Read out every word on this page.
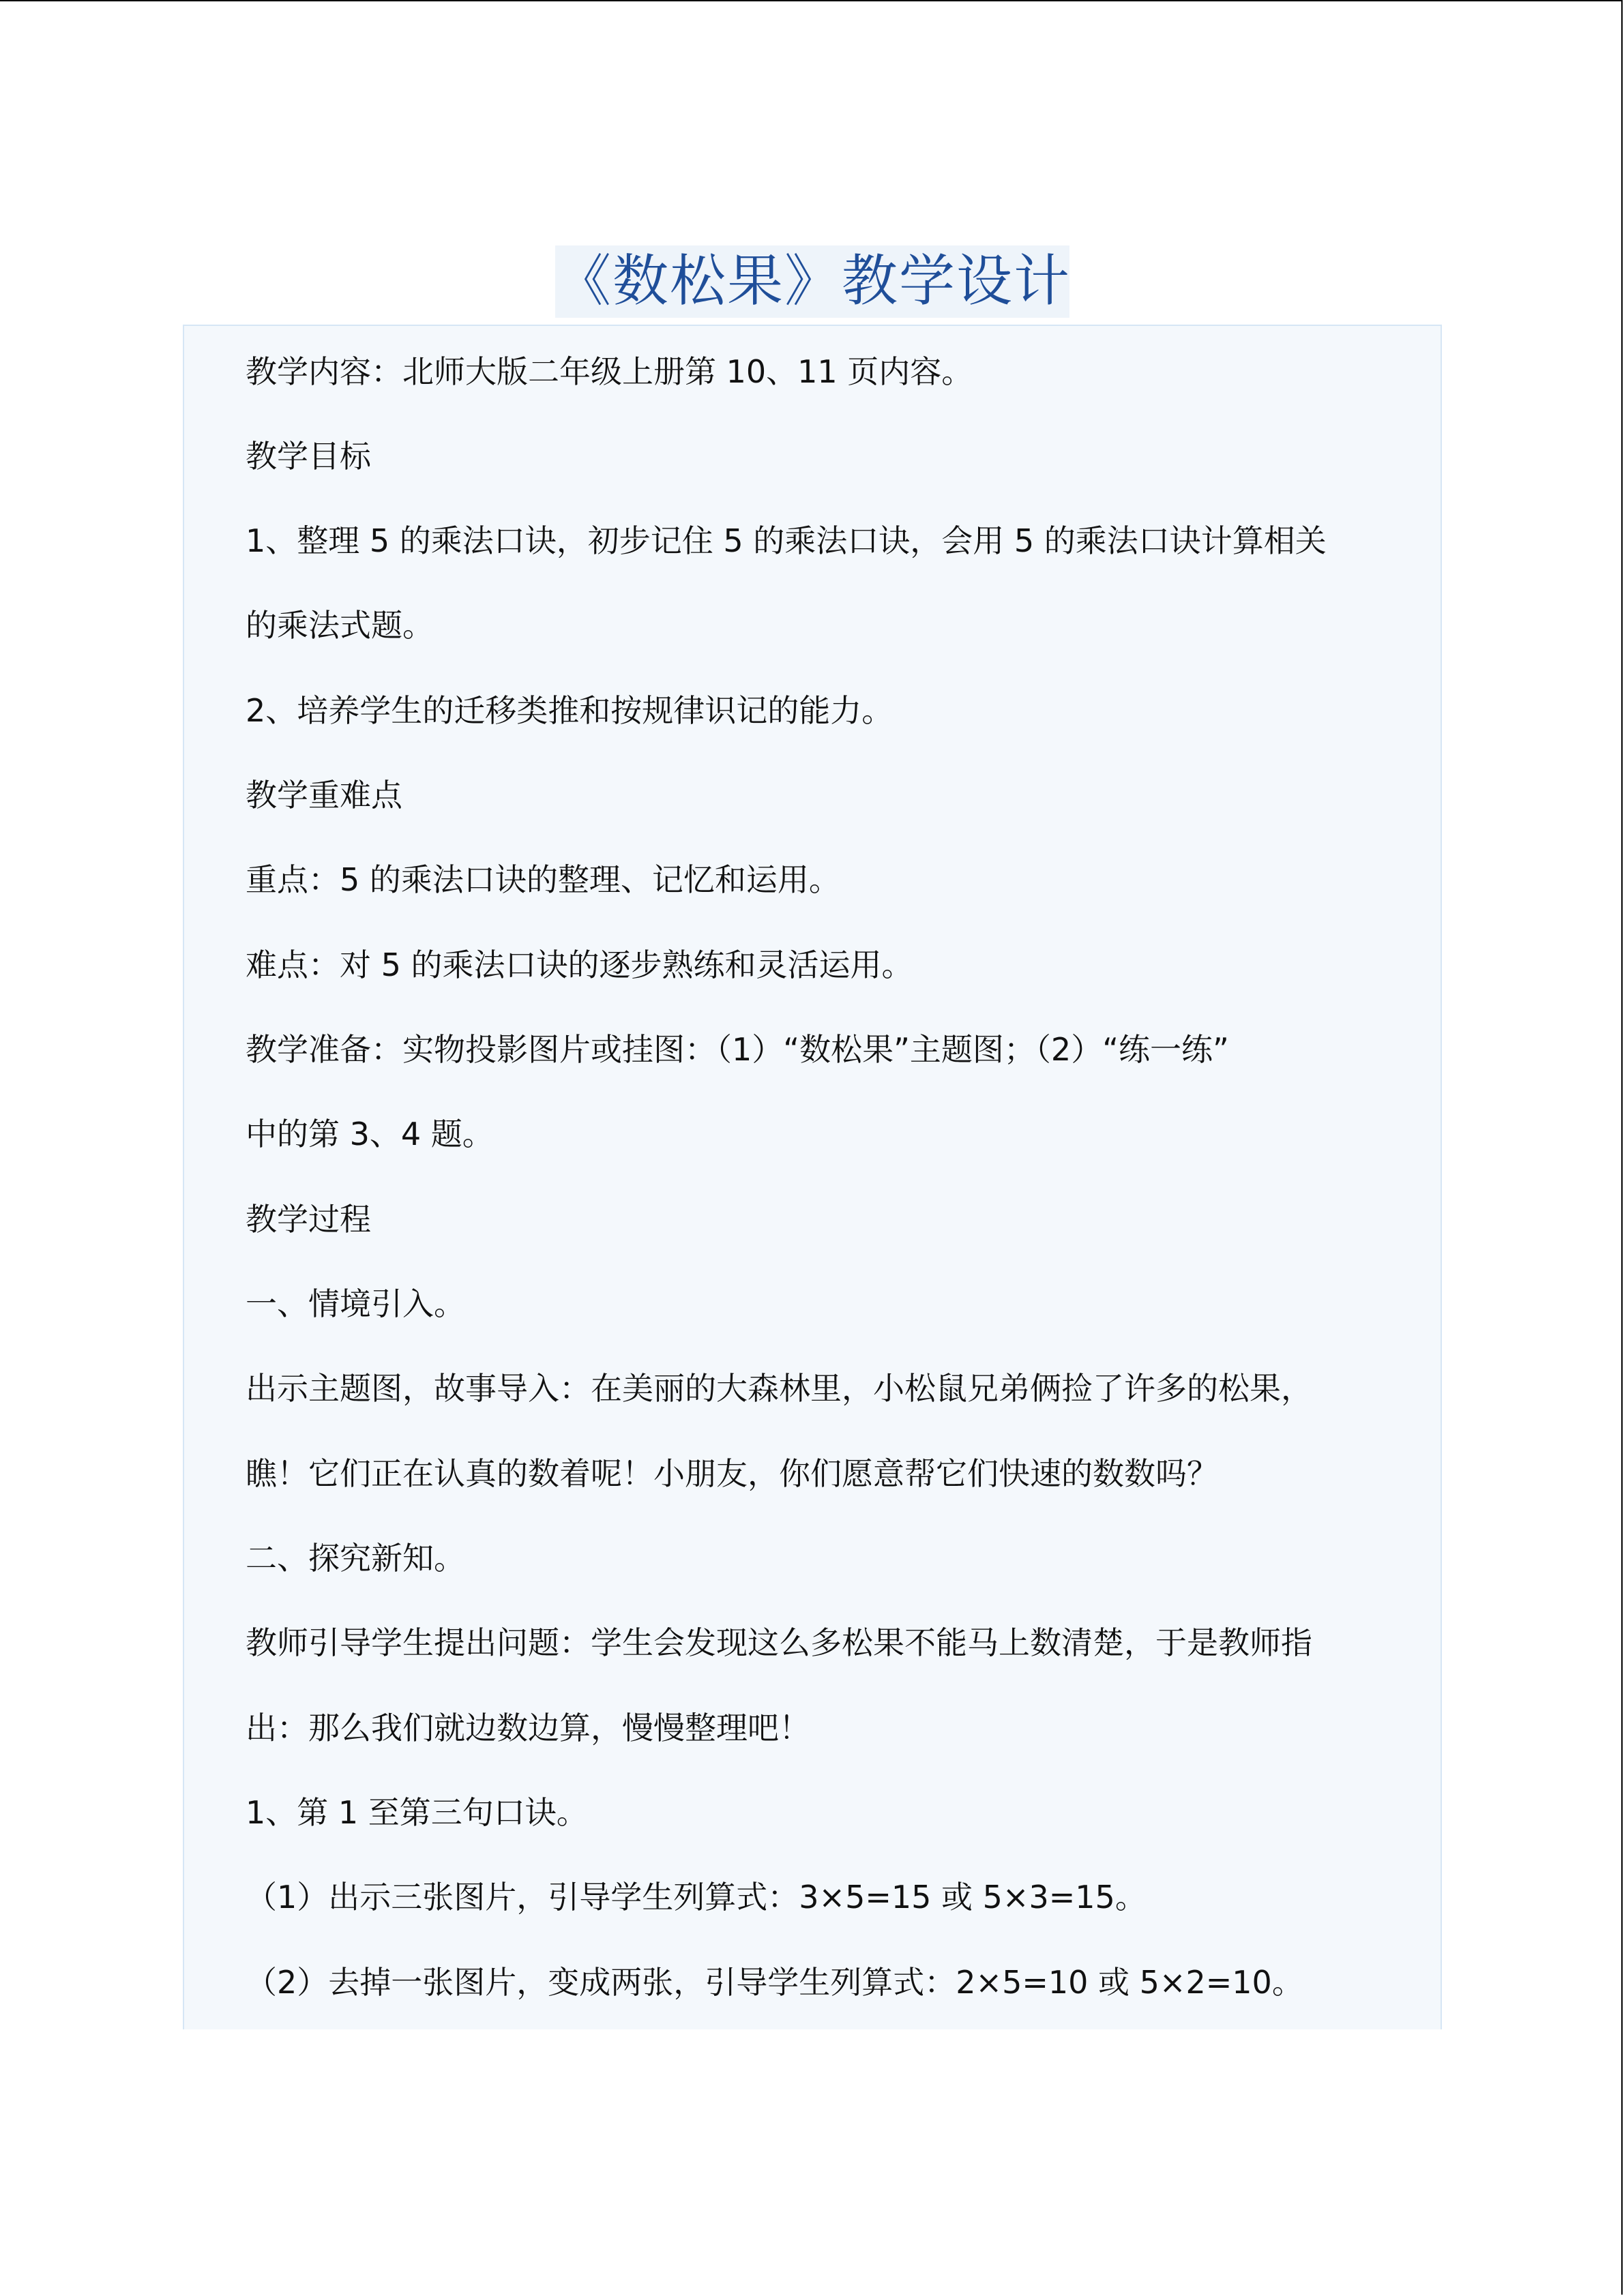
《数松果》教学设计
教学内容：北师大版二年级上册第 10、11 页内容。
教学目标
1、整理 5 的乘法口诀，初步记住 5 的乘法口诀，会用 5 的乘法口诀计算相关
的乘法式题。
2、培养学生的迁移类推和按规律识记的能力。
教学重难点
重点：5 的乘法口诀的整理、记忆和运用。
难点：对 5 的乘法口诀的逐步熟练和灵活运用。
教学准备：实物投影图片或挂图：（1）“数松果”主题图；（2）“练一练”
中的第 3、4 题。
教学过程
一、情境引入。
出示主题图，故事导入：在美丽的大森林里，小松鼠兄弟俩捡了许多的松果，
瞧！它们正在认真的数着呢！小朋友，你们愿意帮它们快速的数数吗？
二、探究新知。
教师引导学生提出问题：学生会发现这么多松果不能马上数清楚，于是教师指
出：那么我们就边数边算，慢慢整理吧！
1、第 1 至第三句口诀。
（1）出示三张图片，引导学生列算式：3×5=15 或 5×3=15。
（2）去掉一张图片，变成两张，引导学生列算式：2×5=10 或 5×2=10。
